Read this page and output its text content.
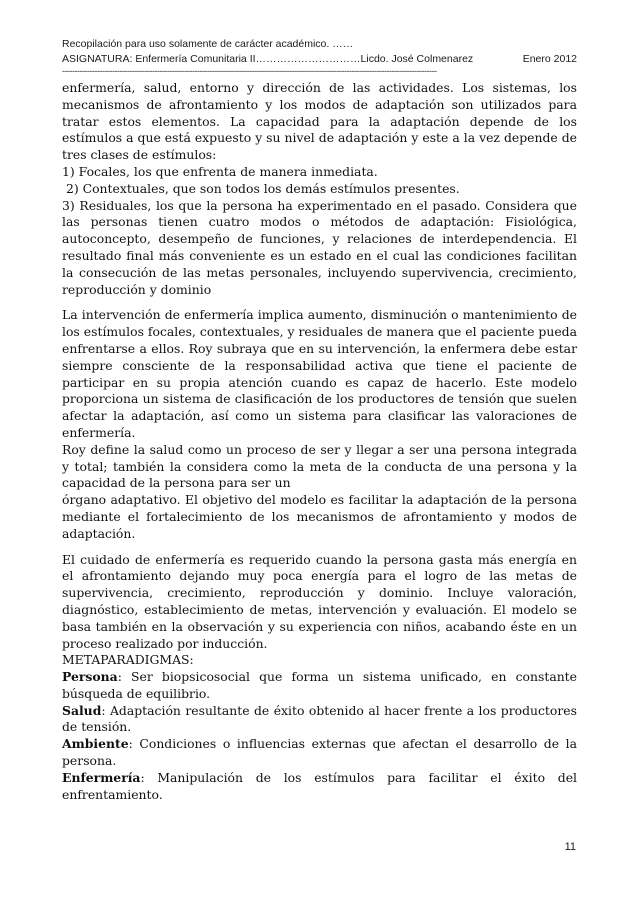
Recopilación para uso solamente de carácter académico. ……
ASIGNATURA: Enfermería Comunitaria II…………………………Licdo. José Colmenarez	Enero 2012
------------------------------------------------------------------------------------------------------------------------------------------------------

enfermería, salud, entorno y dirección de las actividades. Los sistemas, los mecanismos de afrontamiento y los modos de adaptación son utilizados para tratar estos elementos. La capacidad para la adaptación depende de los estímulos a que está expuesto y su nivel de adaptación y este a la vez depende de tres clases de estímulos:

1) Focales, los que enfrenta de manera inmediata.

2) Contextuales, que son todos los demás estímulos presentes.

3) Residuales, los que la persona ha experimentado en el pasado. Considera que las personas tienen cuatro modos o métodos de adaptación: Fisiológica, autoconcepto, desempeño de funciones, y relaciones de interdependencia. El resultado final más conveniente es un estado en el cual las condiciones facilitan la consecución de las metas personales, incluyendo supervivencia, crecimiento, reproducción y dominio

La intervención de enfermería implica aumento, disminución o mantenimiento de los estímulos focales, contextuales, y residuales de manera que el paciente pueda enfrentarse a ellos. Roy subraya que en su intervención, la enfermera debe estar siempre consciente de la responsabilidad activa que tiene el paciente de participar en su propia atención cuando es capaz de hacerlo. Este modelo proporciona un sistema de clasificación de los productores de tensión que suelen afectar la adaptación, así como un sistema para clasificar las valoraciones de enfermería.

Roy define la salud como un proceso de ser y llegar a ser una persona integrada y total; también la considera como la meta de la conducta de una persona y la capacidad de la persona para ser un

órgano adaptativo. El objetivo del modelo es facilitar la adaptación de la persona mediante el fortalecimiento de los mecanismos de afrontamiento y modos de adaptación.

El cuidado de enfermería es requerido cuando la persona gasta más energía en el afrontamiento dejando muy poca energía para el logro de las metas de supervivencia, crecimiento, reproducción y dominio. Incluye valoración, diagnóstico, establecimiento de metas, intervención y evaluación. El modelo se basa también en la observación y su experiencia con niños, acabando éste en un proceso realizado por inducción.

METAPARADIGMAS:

Persona: Ser biopsicosocial que forma un sistema unificado, en constante búsqueda de equilibrio.

Salud: Adaptación resultante de éxito obtenido al hacer frente a los productores de tensión.

Ambiente: Condiciones o influencias externas que afectan el desarrollo de la persona.

Enfermería: Manipulación de los estímulos para facilitar el éxito del enfrentamiento.

11
